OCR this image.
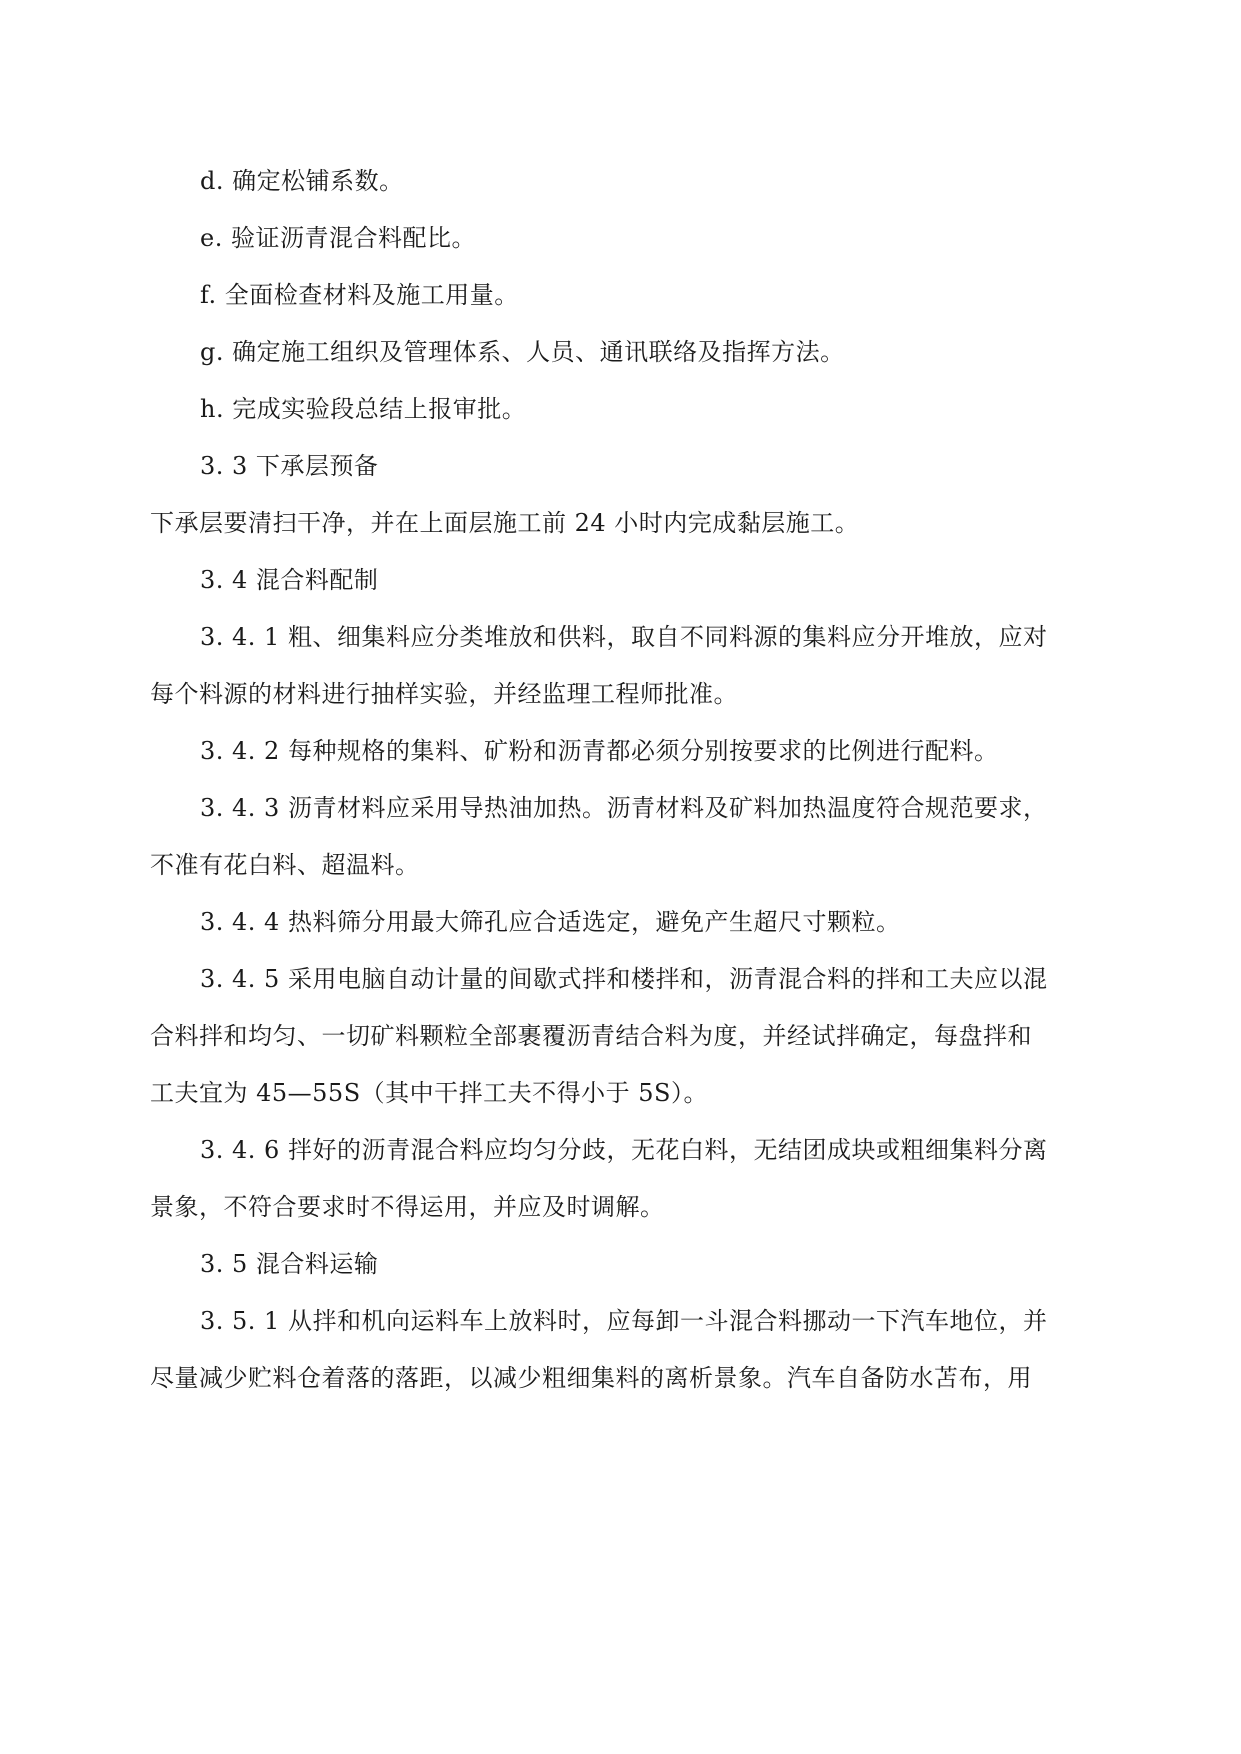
d. 确定松铺系数。
e. 验证沥青混合料配比。
f. 全面检查材料及施工用量。
g. 确定施工组织及管理体系、人员、通讯联络及指挥方法。
h. 完成实验段总结上报审批。
3. 3 下承层预备
下承层要清扫干净，并在上面层施工前 24 小时内完成黏层施工。
3. 4 混合料配制
3. 4. 1 粗、细集料应分类堆放和供料，取自不同料源的集料应分开堆放，应对
每个料源的材料进行抽样实验，并经监理工程师批准。
3. 4. 2 每种规格的集料、矿粉和沥青都必须分别按要求的比例进行配料。
3. 4. 3 沥青材料应采用导热油加热。沥青材料及矿料加热温度符合规范要求，
不准有花白料、超温料。
3. 4. 4 热料筛分用最大筛孔应合适选定，避免产生超尺寸颗粒。
3. 4. 5 采用电脑自动计量的间歇式拌和楼拌和，沥青混合料的拌和工夫应以混
合料拌和均匀、一切矿料颗粒全部裹覆沥青结合料为度，并经试拌确定，每盘拌和
工夫宜为 45—55S（其中干拌工夫不得小于 5S）。
3. 4. 6 拌好的沥青混合料应均匀分歧，无花白料，无结团成块或粗细集料分离
景象，不符合要求时不得运用，并应及时调解。
3. 5 混合料运输
3. 5. 1 从拌和机向运料车上放料时，应每卸一斗混合料挪动一下汽车地位，并
尽量减少贮料仓着落的落距，以减少粗细集料的离析景象。汽车自备防水苫布，用
